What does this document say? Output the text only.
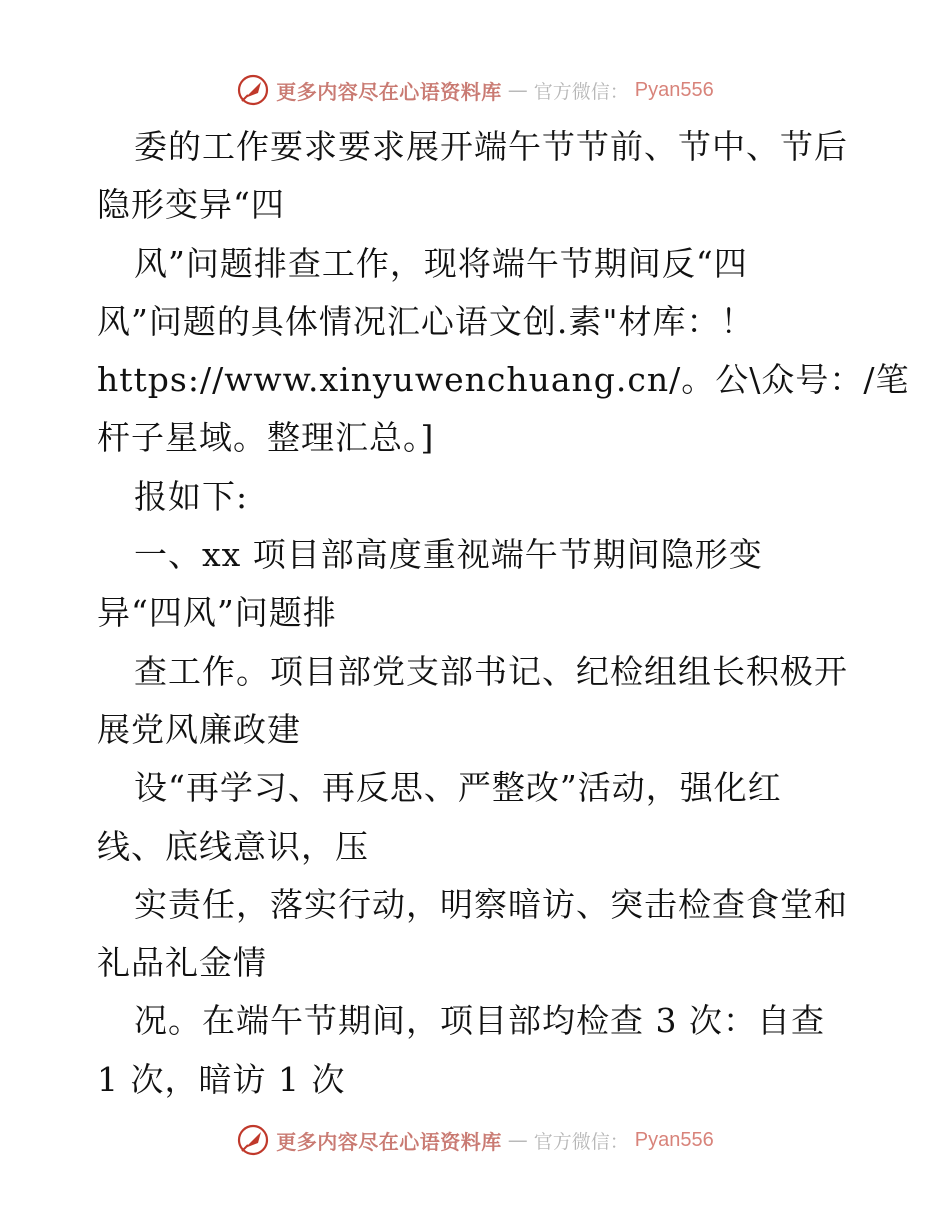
更多内容尽在心语资料库 — 官方微信： Pyan556
委的工作要求要求展开端午节节前、节中、节后
隐形变异“四
风”问题排查工作，现将端午节期间反“四
风”问题的具体情况汇心语文创.素"材库：！
https://www.xinyuwenchuang.cn/。公\众号：/笔
杆子星域。整理汇总。]
报如下:
一、xx 项目部高度重视端午节期间隐形变
异“四风”问题排
查工作。项目部党支部书记、纪检组组长积极开
展党风廉政建
设“再学习、再反思、严整改”活动，强化红
线、底线意识，压
实责任，落实行动，明察暗访、突击检查食堂和
礼品礼金情
况。在端午节期间，项目部均检查 3 次：自查
1 次，暗访 1 次
更多内容尽在心语资料库 — 官方微信： Pyan556
